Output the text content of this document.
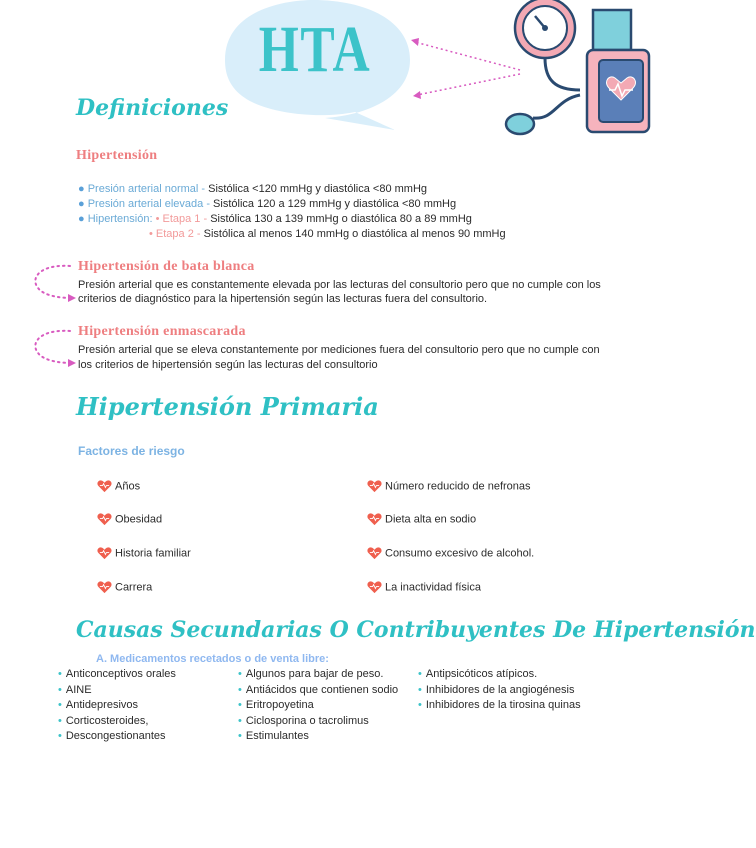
HTA
Definiciones
Hipertensión
● Presión arterial normal - Sistólica <120 mmHg y diastólica <80 mmHg
● Presión arterial elevada - Sistólica 120 a 129 mmHg y diastólica <80 mmHg
● Hipertensión: • Etapa 1 - Sistólica 130 a 139 mmHg o diastólica 80 a 89 mmHg
• Etapa 2 - Sistólica al menos 140 mmHg o diastólica al menos 90 mmHg
Hipertensión de bata blanca
Presión arterial que es constantemente elevada por las lecturas del consultorio pero que no cumple con los
criterios de diagnóstico para la hipertensión según las lecturas fuera del consultorio.
Hipertensión enmascarada
Presión arterial que se eleva constantemente por mediciones fuera del consultorio pero que no cumple con
los criterios de hipertensión según las lecturas del consultorio
Hipertensión Primaria
Factores de riesgo
Años
Obesidad
Historia familiar
Carrera
Número reducido de nefronas
Dieta alta en sodio
Consumo excesivo de alcohol.
La inactividad física
Causas Secundarias O Contribuyentes De Hipertensión
A. Medicamentos recetados o de venta libre:
• Anticonceptivos orales
• AINE
• Antidepresivos
• Corticosteroides,
• Descongestionantes
• Algunos para bajar de peso.
• Antiácidos que contienen sodio
• Eritropoyetina
• Ciclosporina o tacrolimus
• Estimulantes
• Antipsicóticos atípicos.
• Inhibidores de la angiogénesis
• Inhibidores de la tirosina quinas
